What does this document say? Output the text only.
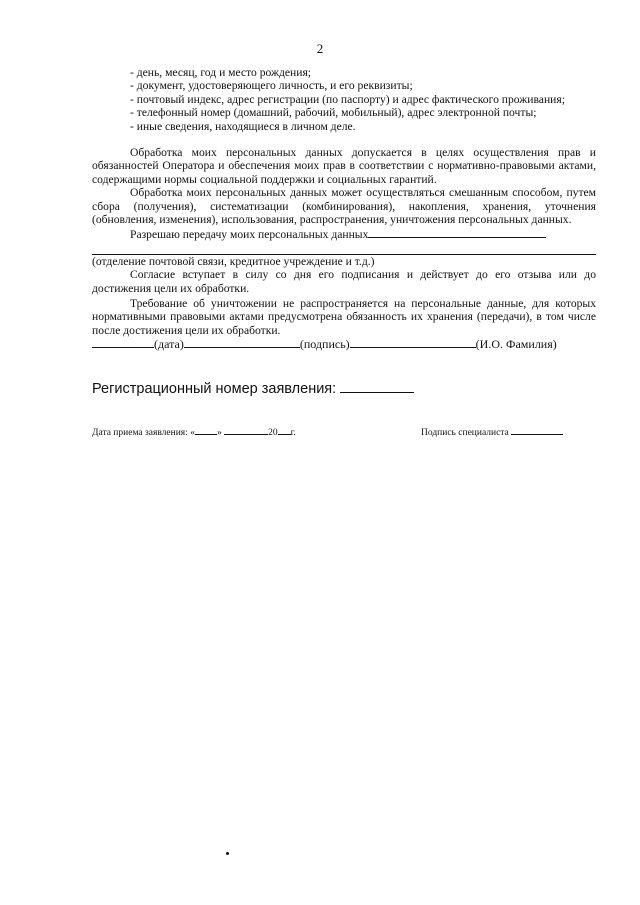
2

- день, месяц, год и место рождения;

- документ, удостоверяющего личность, и его реквизиты;

- почтовый индекс, адрес регистрации (по паспорту) и адрес фактического проживания;

- телефонный номер (домашний, рабочий, мобильный), адрес электронной почты;

- иные сведения, находящиеся в личном деле.

Обработка моих персональных данных допускается в целях осуществления прав и обязанностей Оператора и обеспечения моих прав в соответствии с нормативно-правовыми актами, содержащими нормы социальной поддержки и социальных гарантий.

Обработка моих персональных данных может осуществляться смешанным способом, путем сбора (получения), систематизации (комбинирования), накопления, хранения, уточнения (обновления, изменения), использования, распространения, уничтожения персональных данных.

Разрешаю передачу моих персональных данных

(отделение почтовой связи, кредитное учреждение и т.д.)

Согласие вступает в силу со дня его подписания и действует до его отзыва или до достижения цели их обработки.

Требование об уничтожении не распространяется на персональные данные, для которых нормативными правовыми актами предусмотрена обязанность их хранения (передачи), в том числе после достижения цели их обработки.

(дата)	(подпись)	(И.О. Фамилия)
Регистрационный номер заявления:
Дата приема заявления: « »	20 г.	Подпись специалиста
